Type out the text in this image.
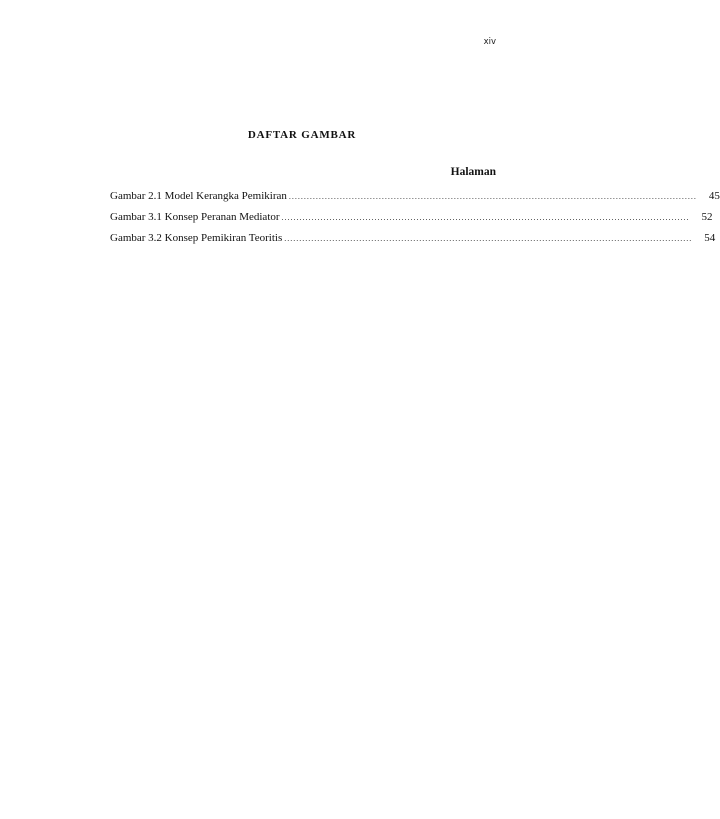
xiv
DAFTAR GAMBAR
Halaman
Gambar 2.1 Model Kerangka Pemikiran ........................................................................................................................................ 45
Gambar 3.1 Konsep Peranan Mediator ........................................................................................................................................ 52
Gambar 3.2 Konsep Pemikiran Teoritis ........................................................................................................................................ 54
